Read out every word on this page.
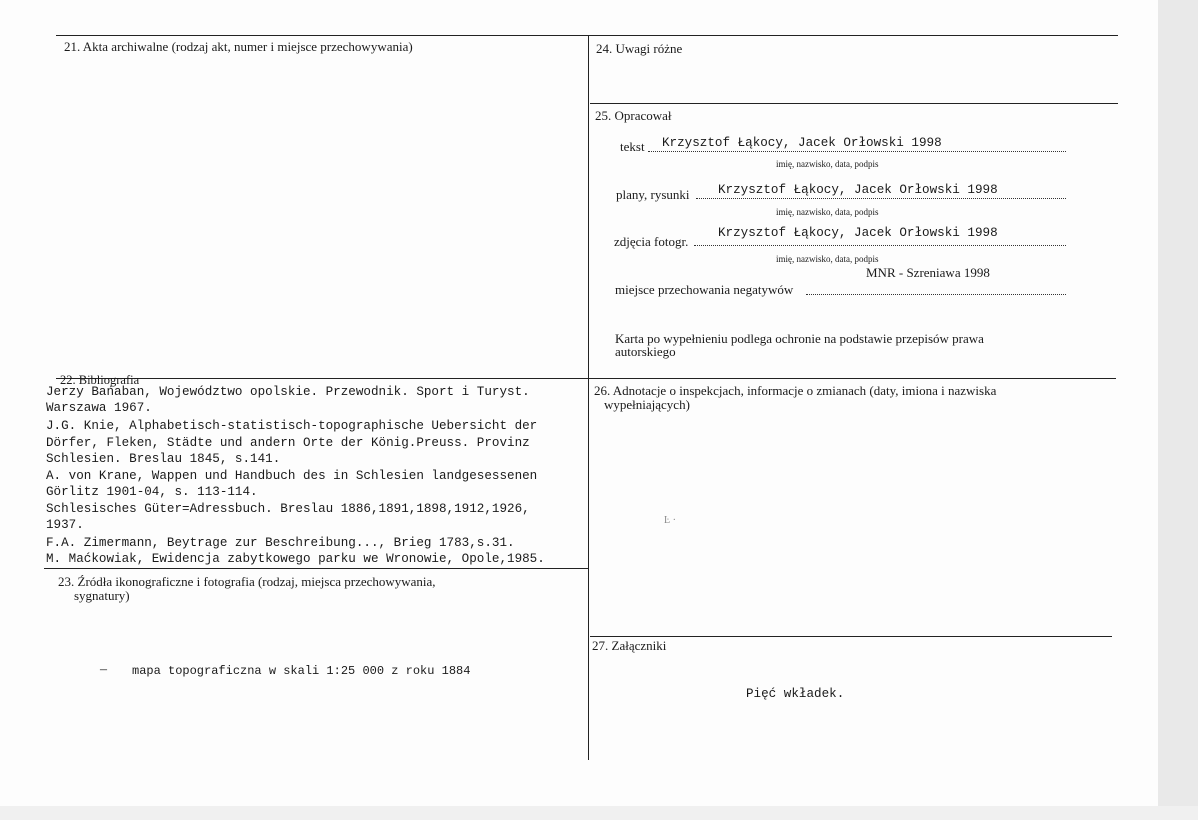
21. Akta archiwalne (rodzaj akt, numer i miejsce przechowywania)	24. Uwagi różne
25. Opracował
tekst Krzysztof Łąkocy, Jacek Orłowski 1998
imię, nazwisko, data, podpis
plany, rysunki Krzysztof Łąkocy, Jacek Orłowski 1998
imię, nazwisko, data, podpis
zdjęcia fotogr.
Krzysztof Łąkocy, Jacek Orłowski 1998
imię, nazwisko, data, podpis
MNR - Szreniawa 1998
miejsce przechowania negatywów
Karta po wypełnieniu podlega ochronie na podstawie przepisów prawa
autorskiego
22. Bibliografia
Jerzy Bańaban, Województwo opolskie. Przewodnik. Sport i Turyst.
Warszawa 1967.
J.G. Knie, Alphabetisch-statistisch-topographische Uebersicht der
Dörfer, Fleken, Städte und andern Orte der König.Preuss. Provinz
Schlesien. Breslau 1845, s.141.
A. von Krane, Wappen und Handbuch des in Schlesien landgesessenen
Görlitz 1901-04, s. 113-114.
Schlesisches Güter=Adressbuch. Breslau 1886,1891,1898,1912,1926,
1937.
F.A. Zimermann, Beytrage zur Beschreibung..., Brieg 1783,s.31.
M. Maćkowiak, Ewidencja zabytkowego parku we Wronowie, Opole,1985.
23. Źródła ikonograficzne i fotografia (rodzaj, miejsca przechowywania,
sygnatury)
– mapa topograficzna w skali 1:25 000 z roku 1884
26. Adnotacje o inspekcjach, informacje o zmianach (daty, imiona i nazwiska
wypełniających)
Ŀ ·
27. Załączniki
Pięć wkładek.
